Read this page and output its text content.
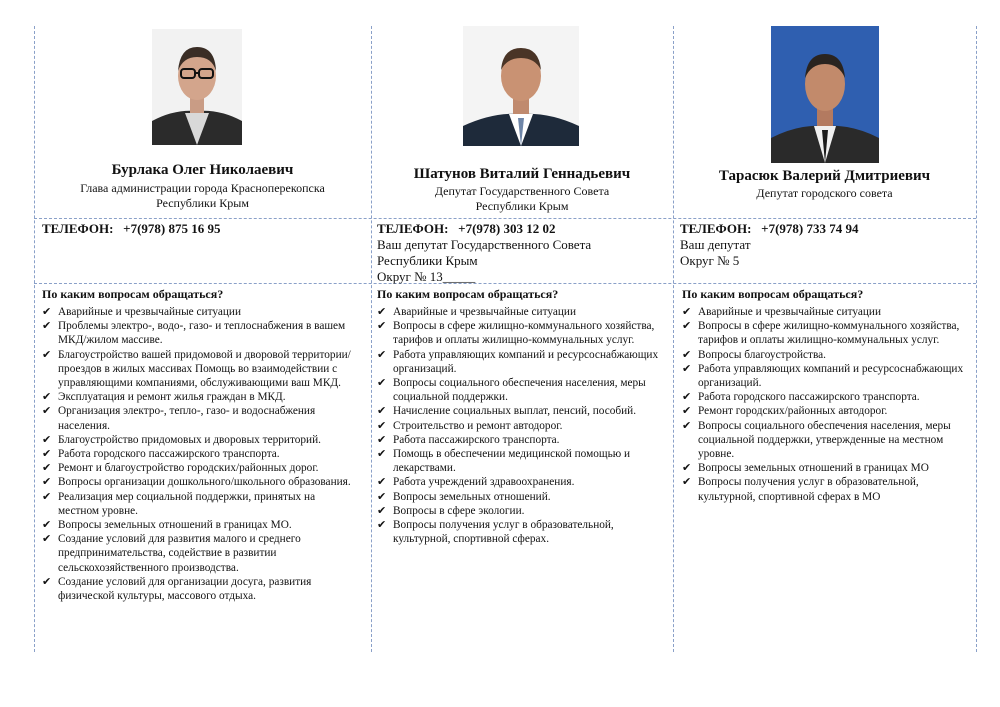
Бурлака Олег Николаевич
Глава администрации города Красноперекопска
Республики Крым
ТЕЛЕФОН: +7(978) 875 16 95
По каким вопросам обращаться?
✔ Аварийные и чрезвычайные ситуации
✔ Проблемы электро-, водо-, газо- и теплоснабжения в вашем МКД/жилом массиве.
✔ Благоустройство вашей придомовой и дворовой территории/проездов в жилых массивах Помощь во взаимодействии с управляющими компаниями, обслуживающими ваш МКД.
✔ Эксплуатация и ремонт жилья граждан в МКД.
✔ Организация электро-, тепло-, газо- и водоснабжения населения.
✔ Благоустройство придомовых и дворовых территорий.
✔ Работа городского пассажирского транспорта.
✔ Ремонт и благоустройство городских/районных дорог.
✔ Вопросы организации дошкольного/школьного образования.
✔ Реализация мер социальной поддержки, принятых на местном уровне.
✔ Вопросы земельных отношений в границах МО.
✔ Создание условий для развития малого и среднего предпринимательства, содействие в развитии сельскохозяйственного производства.
✔ Создание условий для организации досуга, развития физической культуры, массового отдыха.
Шатунов Виталий Геннадьевич
Депутат Государственного Совета
Республики Крым
ТЕЛЕФОН: +7(978) 303 12 02
Ваш депутат Государственного Совета
Республики Крым
Округ № 13_____
По каким вопросам обращаться?
✔ Аварийные и чрезвычайные ситуации
✔ Вопросы в сфере жилищно-коммунального хозяйства, тарифов и оплаты жилищно-коммунальных услуг.
✔ Работа управляющих компаний и ресурсоснабжающих организаций.
✔ Вопросы социального обеспечения населения, меры социальной поддержки.
✔ Начисление социальных выплат, пенсий, пособий.
✔ Строительство и ремонт автодорог.
✔ Работа пассажирского транспорта.
✔ Помощь в обеспечении медицинской помощью и лекарствами.
✔ Работа учреждений здравоохранения.
✔ Вопросы земельных отношений.
✔ Вопросы в сфере экологии.
✔ Вопросы получения услуг в образовательной, культурной, спортивной сферах.
Тарасюк Валерий Дмитриевич
Депутат городского совета
ТЕЛЕФОН: +7(978) 733 74 94
Ваш депутат
Округ № 5
По каким вопросам обращаться?
✔ Аварийные и чрезвычайные ситуации
✔ Вопросы в сфере жилищно-коммунального хозяйства, тарифов и оплаты жилищно-коммунальных услуг.
✔ Вопросы благоустройства.
✔ Работа управляющих компаний и ресурсоснабжающих организаций.
✔ Работа городского пассажирского транспорта.
✔ Ремонт городских/районных автодорог.
✔ Вопросы социального обеспечения населения, меры социальной поддержки, утвержденные на местном уровне.
✔ Вопросы земельных отношений в границах МО
✔ Вопросы получения услуг в образовательной, культурной, спортивной сферах в МО
